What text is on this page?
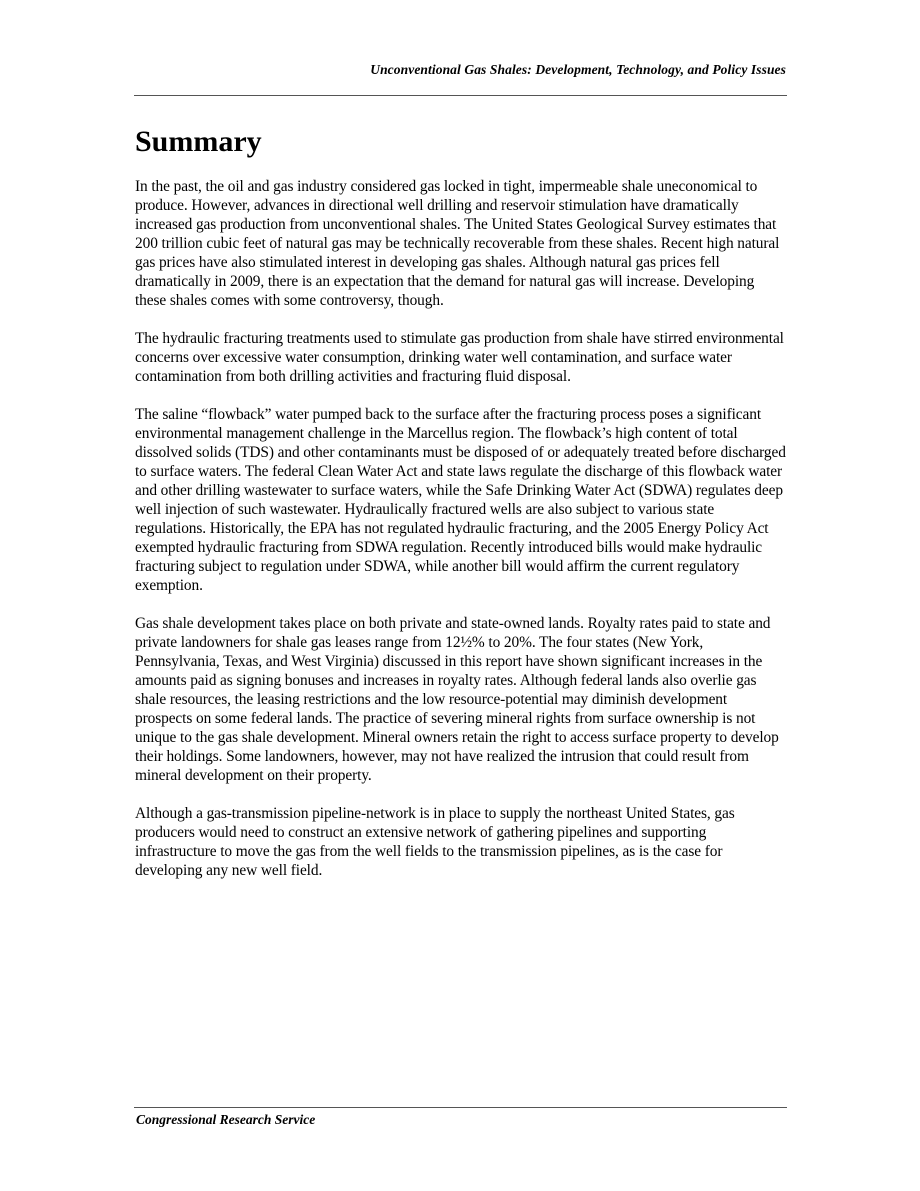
Unconventional Gas Shales: Development, Technology, and Policy Issues
Summary

In the past, the oil and gas industry considered gas locked in tight, impermeable shale uneconomical to produce. However, advances in directional well drilling and reservoir stimulation have dramatically increased gas production from unconventional shales. The United States Geological Survey estimates that 200 trillion cubic feet of natural gas may be technically recoverable from these shales. Recent high natural gas prices have also stimulated interest in developing gas shales. Although natural gas prices fell dramatically in 2009, there is an expectation that the demand for natural gas will increase. Developing these shales comes with some controversy, though.

The hydraulic fracturing treatments used to stimulate gas production from shale have stirred environmental concerns over excessive water consumption, drinking water well contamination, and surface water contamination from both drilling activities and fracturing fluid disposal.

The saline “flowback” water pumped back to the surface after the fracturing process poses a significant environmental management challenge in the Marcellus region. The flowback’s high content of total dissolved solids (TDS) and other contaminants must be disposed of or adequately treated before discharged to surface waters. The federal Clean Water Act and state laws regulate the discharge of this flowback water and other drilling wastewater to surface waters, while the Safe Drinking Water Act (SDWA) regulates deep well injection of such wastewater. Hydraulically fractured wells are also subject to various state regulations. Historically, the EPA has not regulated hydraulic fracturing, and the 2005 Energy Policy Act exempted hydraulic fracturing from SDWA regulation. Recently introduced bills would make hydraulic fracturing subject to regulation under SDWA, while another bill would affirm the current regulatory exemption.

Gas shale development takes place on both private and state-owned lands. Royalty rates paid to state and private landowners for shale gas leases range from 12½% to 20%. The four states (New York, Pennsylvania, Texas, and West Virginia) discussed in this report have shown significant increases in the amounts paid as signing bonuses and increases in royalty rates. Although federal lands also overlie gas shale resources, the leasing restrictions and the low resource-potential may diminish development prospects on some federal lands. The practice of severing mineral rights from surface ownership is not unique to the gas shale development. Mineral owners retain the right to access surface property to develop their holdings. Some landowners, however, may not have realized the intrusion that could result from mineral development on their property.

Although a gas-transmission pipeline-network is in place to supply the northeast United States, gas producers would need to construct an extensive network of gathering pipelines and supporting infrastructure to move the gas from the well fields to the transmission pipelines, as is the case for developing any new well field.

Congressional Research Service
